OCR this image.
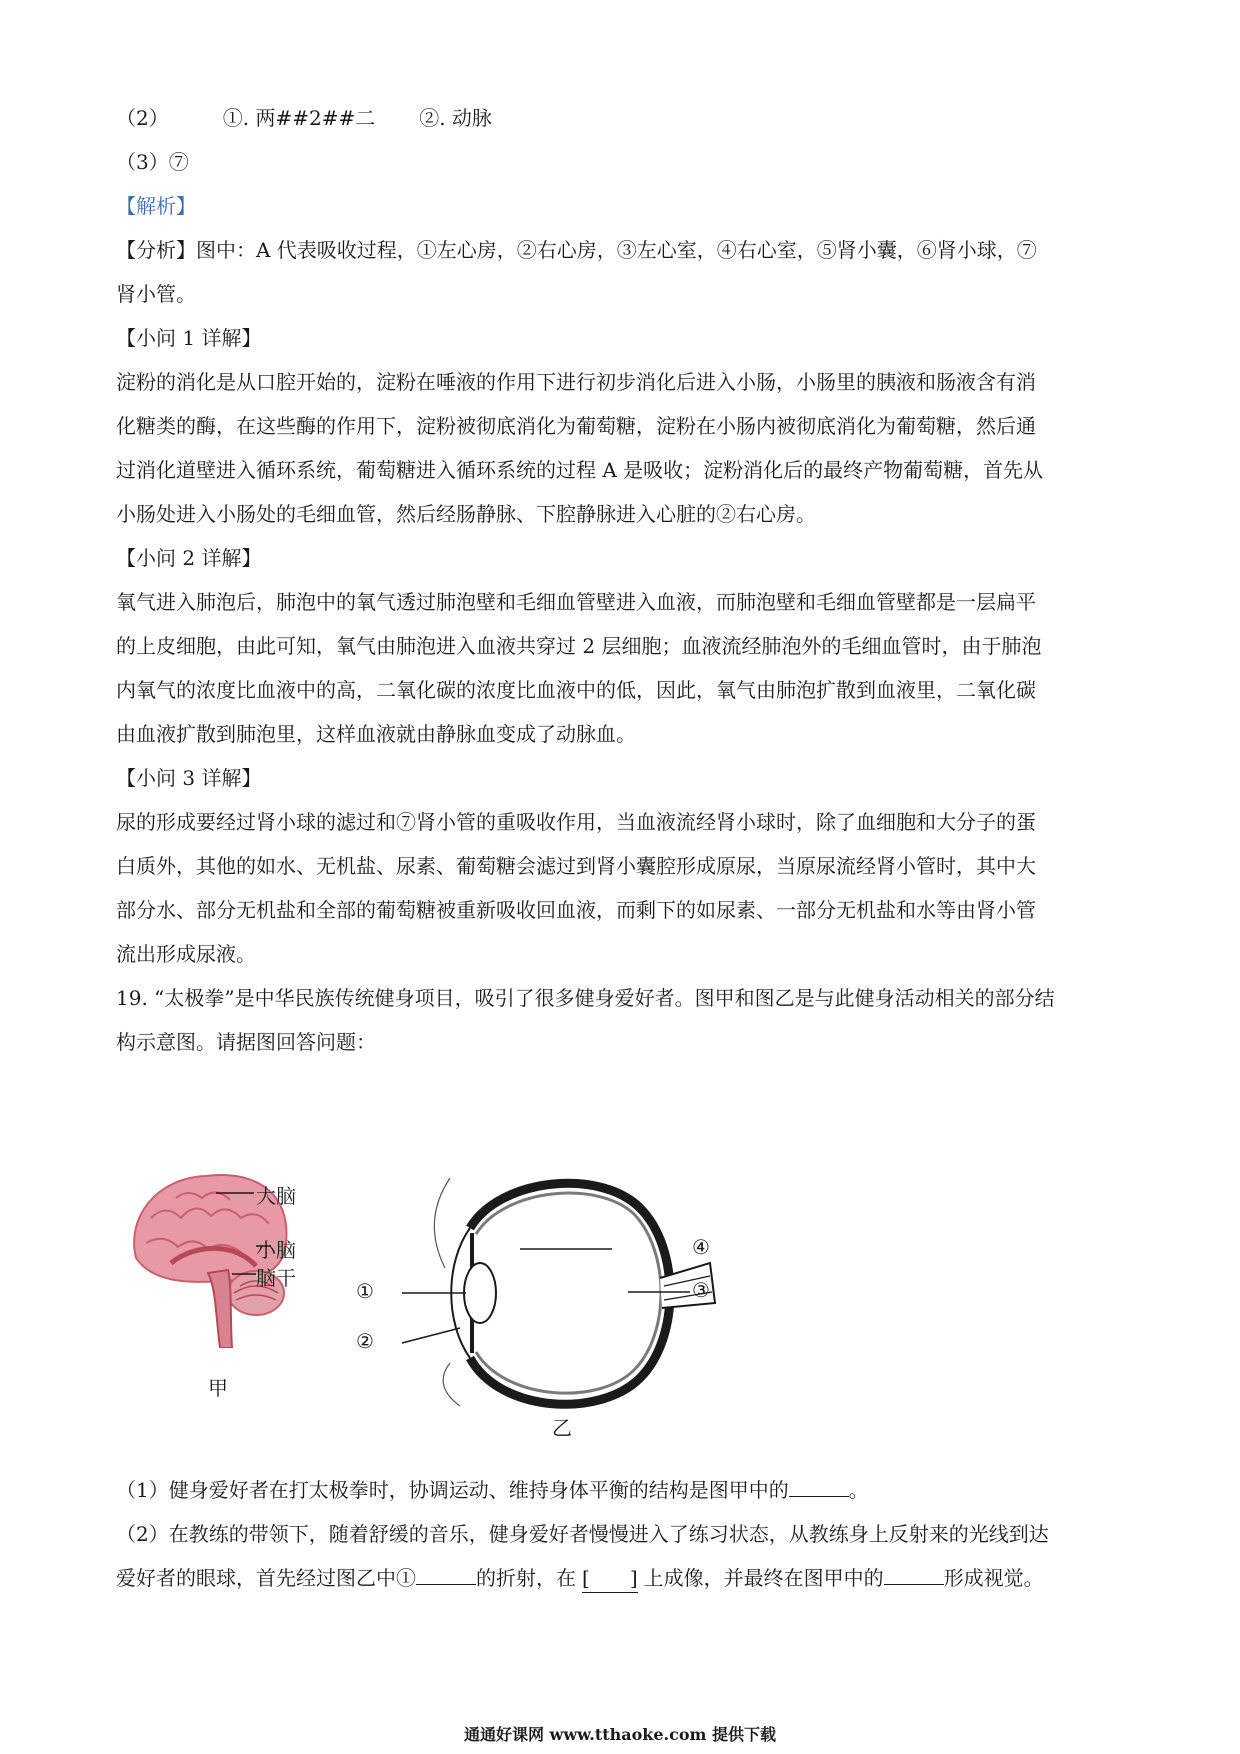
（2）	①. 两##2##二 ②. 动脉
（3）⑦
【解析】
【分析】图中：A 代表吸收过程，①左心房，②右心房，③左心室，④右心室，⑤肾小囊，⑥肾小球，⑦
肾小管。
【小问 1 详解】
淀粉的消化是从口腔开始的，淀粉在唾液的作用下进行初步消化后进入小肠，小肠里的胰液和肠液含有消
化糖类的酶，在这些酶的作用下，淀粉被彻底消化为葡萄糖，淀粉在小肠内被彻底消化为葡萄糖，然后通
过消化道壁进入循环系统，葡萄糖进入循环系统的过程 A 是吸收；淀粉消化后的最终产物葡萄糖，首先从
小肠处进入小肠处的毛细血管，然后经肠静脉、下腔静脉进入心脏的②右心房。
【小问 2 详解】
氧气进入肺泡后，肺泡中的氧气透过肺泡壁和毛细血管壁进入血液，而肺泡壁和毛细血管壁都是一层扁平
的上皮细胞，由此可知，氧气由肺泡进入血液共穿过 2 层细胞；血液流经肺泡外的毛细血管时，由于肺泡
内氧气的浓度比血液中的高，二氧化碳的浓度比血液中的低，因此，氧气由肺泡扩散到血液里，二氧化碳
由血液扩散到肺泡里，这样血液就由静脉血变成了动脉血。
【小问 3 详解】
尿的形成要经过肾小球的滤过和⑦肾小管的重吸收作用，当血液流经肾小球时，除了血细胞和大分子的蛋
白质外，其他的如水、无机盐、尿素、葡萄糖会滤过到肾小囊腔形成原尿，当原尿流经肾小管时，其中大
部分水、部分无机盐和全部的葡萄糖被重新吸收回血液，而剩下的如尿素、一部分无机盐和水等由肾小管
流出形成尿液。
19. “太极拳”是中华民族传统健身项目，吸引了很多健身爱好者。图甲和图乙是与此健身活动相关的部分结
构示意图。请据图回答问题：
大脑
小脑
脑干
甲
①
②
③
④
乙
（1）健身爱好者在打太极拳时，协调运动、维持身体平衡的结构是图甲中的	。
（2）在教练的带领下，随着舒缓的音乐，健身爱好者慢慢进入了练习状态，从教练身上反射来的光线到达
爱好者的眼球，首先经过图乙中①	的折射，在 [ ] 上成像，并最终在图甲中的	形成视觉。
通通好课网 www.tthaoke.com 提供下载
